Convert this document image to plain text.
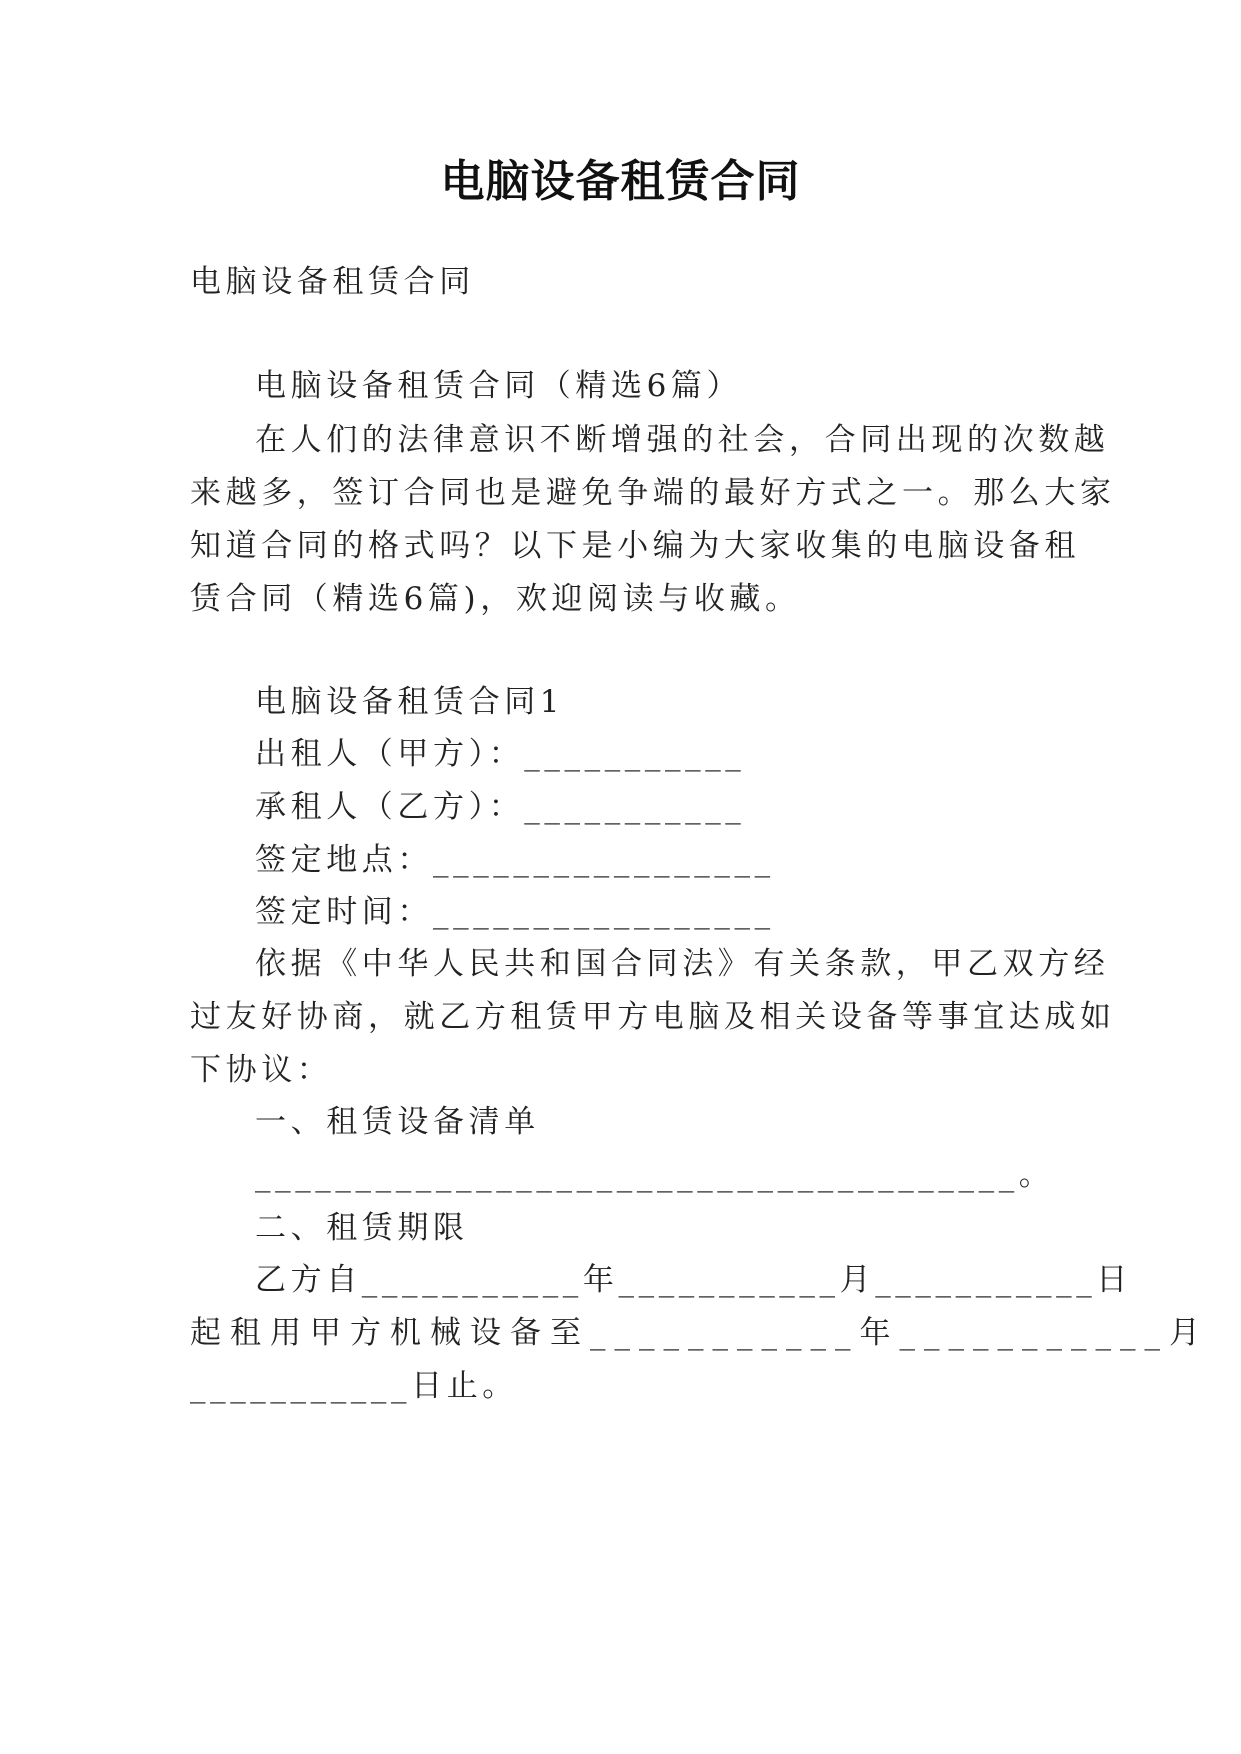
电脑设备租赁合同
电脑设备租赁合同
电脑设备租赁合同（精选6篇）
在人们的法律意识不断增强的社会，合同出现的次数越
来越多，签订合同也是避免争端的最好方式之一。那么大家
知道合同的格式吗？以下是小编为大家收集的电脑设备租
赁合同（精选6篇)，欢迎阅读与收藏。
电脑设备租赁合同1
出租人（甲方）：___________
承租人（乙方）：___________
签定地点：_________________
签定时间：_________________
依据《中华人民共和国合同法》有关条款，甲乙双方经
过友好协商，就乙方租赁甲方电脑及相关设备等事宜达成如
下协议：
一、租赁设备清单
______________________________________。
二、租赁期限
乙方自___________年___________月___________日
起租用甲方机械设备至___________年___________月
___________日止。
